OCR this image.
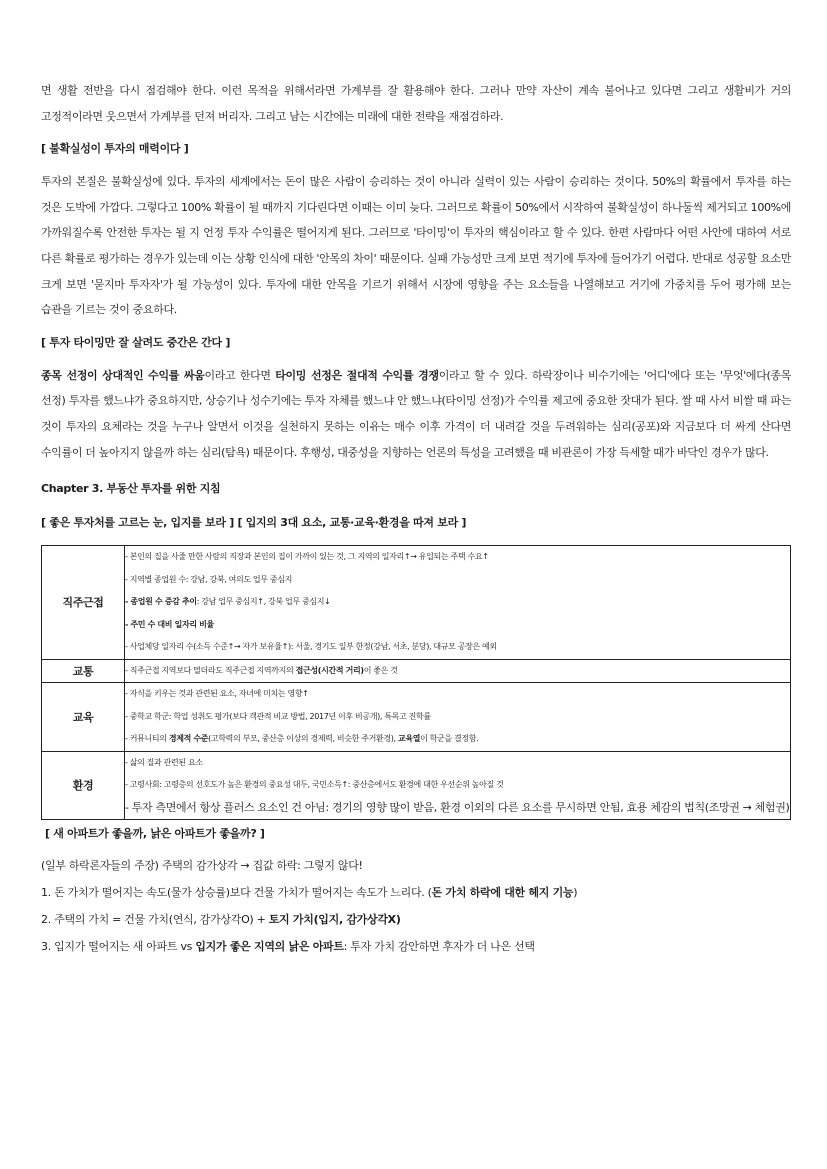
면 생활 전반을 다시 점검해야 한다. 이런 목적을 위해서라면 가계부를 잘 활용해야 한다. 그러나 만약 자산이 계속 불어나고 있다면 그리고 생활비가 거의 고정적이라면 웃으면서 가계부를 던져 버리자. 그리고 남는 시간에는 미래에 대한 전략을 재점검하라.

[ 불확실성이 투자의 매력이다 ]

투자의 본질은 불확실성에 있다. 투자의 세계에서는 돈이 많은 사람이 승리하는 것이 아니라 실력이 있는 사람이 승리하는 것이다. 50%의 확률에서 투자를 하는 것은 도박에 가깝다. 그렇다고 100% 확률이 될 때까지 기다린다면 이때는 이미 늦다. 그러므로 확률이 50%에서 시작하여 불확실성이 하나둘씩 제거되고 100%에 가까워질수록 안전한 투자는 될 지 언정 투자 수익률은 떨어지게 된다. 그러므로 '타이밍'이 투자의 핵심이라고 할 수 있다. 한편 사람마다 어떤 사안에 대하여 서로 다른 확률로 평가하는 경우가 있는데 이는 상황 인식에 대한 '안목의 차이' 때문이다. 실패 가능성만 크게 보면 적기에 투자에 들어가기 어렵다. 반대로 성공할 요소만 크게 보면 '묻지마 투자자'가 될 가능성이 있다. 투자에 대한 안목을 기르기 위해서 시장에 영향을 주는 요소들을 나열해보고 거기에 가중치를 두어 평가해 보는 습관을 기르는 것이 중요하다.

[ 투자 타이밍만 잘 살려도 중간은 간다 ]

종목 선정이 상대적인 수익률 싸움이라고 한다면 타이밍 선정은 절대적 수익률 경쟁이라고 할 수 있다. 하락장이나 비수기에는 '어디'에다 또는 '무엇'에다(종목 선정) 투자를 했느냐가 중요하지만, 상승기나 성수기에는 투자 자체를 했느냐 안 했느냐(타이밍 선정)가 수익률 제고에 중요한 잣대가 된다. 쌀 때 사서 비쌀 때 파는 것이 투자의 요체라는 것을 누구나 알면서 이것을 실천하지 못하는 이유는 매수 이후 가격이 더 내려갈 것을 두려워하는 심리(공포)와 지금보다 더 싸게 산다면 수익률이 더 높아지지 않을까 하는 심리(탐욕) 때문이다. 후행성, 대중성을 지향하는 언론의 특성을 고려했을 때 비관론이 가장 득세할 때가 바닥인 경우가 많다.

Chapter 3. 부동산 투자를 위한 지침

[ 좋은 투자처를 고르는 눈, 입지를 보라 ] [ 입지의 3대 요소, 교통·교육·환경을 따져 보라 ]

직주근접	- 본인의 집을 사줄 만한 사람의 직장과 본인의 집이 가까이 있는 것, 그 지역의 일자리↑→ 유입되는 주택 수요↑
- 지역별 종업원 수: 강남, 강북, 여의도 업무 중심지
- 종업원 수 증감 추이: 강남 업무 중심지↑, 강북 업무 중심지↓
- 주민 수 대비 일자리 비율
- 사업체당 일자리 수(소득 수준↑→ 자가 보유율↑): 서울, 경기도 일부 한정(강남, 서초, 분당), 대규모 공장은 예외

교통	- 직주근접 지역보다 멀더라도 직주근접 지역까지의 접근성(시간적 거리)이 좋은 것

교육	- 자식을 키우는 것과 관련된 요소, 자녀에 미치는 영향↑
- 중학교 학군: 학업 성취도 평가(보다 객관적 비교 방법, 2017년 이후 비공개), 특목고 진학률
- 커뮤니티의 경제적 수준(고학력의 부모, 중산층 이상의 경제력, 비슷한 주거환경), 교육열이 학군을 결정함.

환경	- 삶의 질과 관련된 요소
- 고령사회: 고령층의 선호도가 높은 환경의 중요성 대두, 국민소득↑: 중산층에서도 환경에 대한 우선순위 높아질 것
- 투자 측면에서 항상 플러스 요소인 건 아님: 경기의 영향 많이 받음, 환경 이외의 다른 요소를 무시하면 안됨, 효용 체감의 법칙(조망권 → 체험권)

[ 새 아파트가 좋을까, 낡은 아파트가 좋을까? ]

(일부 하락론자들의 주장) 주택의 감가상각 → 집값 하락: 그렇지 않다!

1. 돈 가치가 떨어지는 속도(물가 상승률)보다 건물 가치가 떨어지는 속도가 느리다. (돈 가치 하락에 대한 헤지 기능)

2. 주택의 가치 = 건물 가치(연식, 감가상각O) + 토지 가치(입지, 감가상각X)

3. 입지가 떨어지는 새 아파트 vs 입지가 좋은 지역의 낡은 아파트: 투자 가치 감안하면 후자가 더 나은 선택
